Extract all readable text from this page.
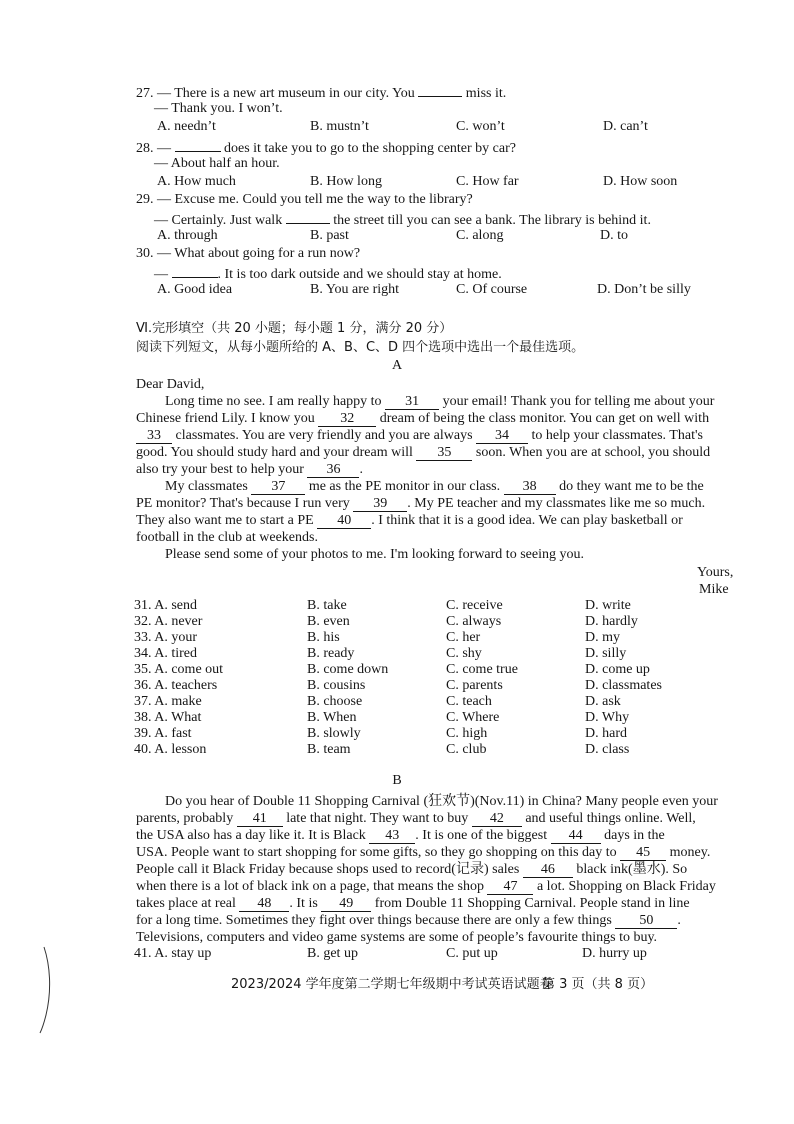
27. — There is a new art museum in our city. You	miss it.
— Thank you. I won’t.
A. needn’t	B. mustn’t	C. won’t	D. can’t
28. —	does it take you to go to the shopping center by car?
— About half an hour.
A. How much	B. How long	C. How far	D. How soon
29. — Excuse me. Could you tell me the way to the library?
— Certainly. Just walk	the street till you can see a bank. The library is behind it.
A. through	B. past	C. along	D. to
30. — What about going for a run now?
—	. It is too dark outside and we should stay at home.
A. Good idea	B. You are right	C. Of course	D. Don’t be silly
Ⅵ.完形填空（共 20 小题；每小题 1 分，满分 20 分）
阅读下列短文，从每小题所给的 A、B、C、D 四个选项中选出一个最佳选项。
A
Dear David,
Long time no see. I am really happy to 31 your email! Thank you for telling me about your
Chinese friend Lily. I know you 32 dream of being the class monitor. You can get on well with
33 classmates. You are very friendly and you are always 34 to help your classmates. That's
good. You should study hard and your dream will 35 soon. When you are at school, you should
also try your best to help your 36 .
My classmates 37 me as the PE monitor in our class. 38 do they want me to be the
PE monitor? That's because I run very 39 . My PE teacher and my classmates like me so much.
They also want me to start a PE 40 . I think that it is a good idea. We can play basketball or
football in the club at weekends.
Please send some of your photos to me. I'm looking forward to seeing you.
Yours,
Mike
31. A. send	B. take	C. receive	D. write
32. A. never	B. even	C. always	D. hardly
33. A. your	B. his	C. her	D. my
34. A. tired	B. ready	C. shy	D. silly
35. A. come out	B. come down	C. come true	D. come up
36. A. teachers	B. cousins	C. parents	D. classmates
37. A. make	B. choose	C. teach	D. ask
38. A. What	B. When	C. Where	D. Why
39. A. fast	B. slowly	C. high	D. hard
40. A. lesson	B. team	C. club	D. class
B
Do you hear of Double 11 Shopping Carnival (狂欢节)(Nov.11) in China? Many people even your
parents, probably 41 late that night. They want to buy 42 and useful things online. Well,
the USA also has a day like it. It is Black 43 . It is one of the biggest 44 days in the
USA. People want to start shopping for some gifts, so they go shopping on this day to 45 money.
People call it Black Friday because shops used to record(记录) sales 46 black ink(墨水). So
when there is a lot of black ink on a page, that means the shop 47 a lot. Shopping on Black Friday
takes place at real 48 . It is 49 from Double 11 Shopping Carnival. People stand in line
for a long time. Sometimes they fight over things because there are only a few things 50 .
Televisions, computers and video game systems are some of people’s favourite things to buy.
41. A. stay up	B. get up	C. put up	D. hurry up
2023/2024 学年度第二学期七年级期中考试英语试题卷
第 3 页（共 8 页）
